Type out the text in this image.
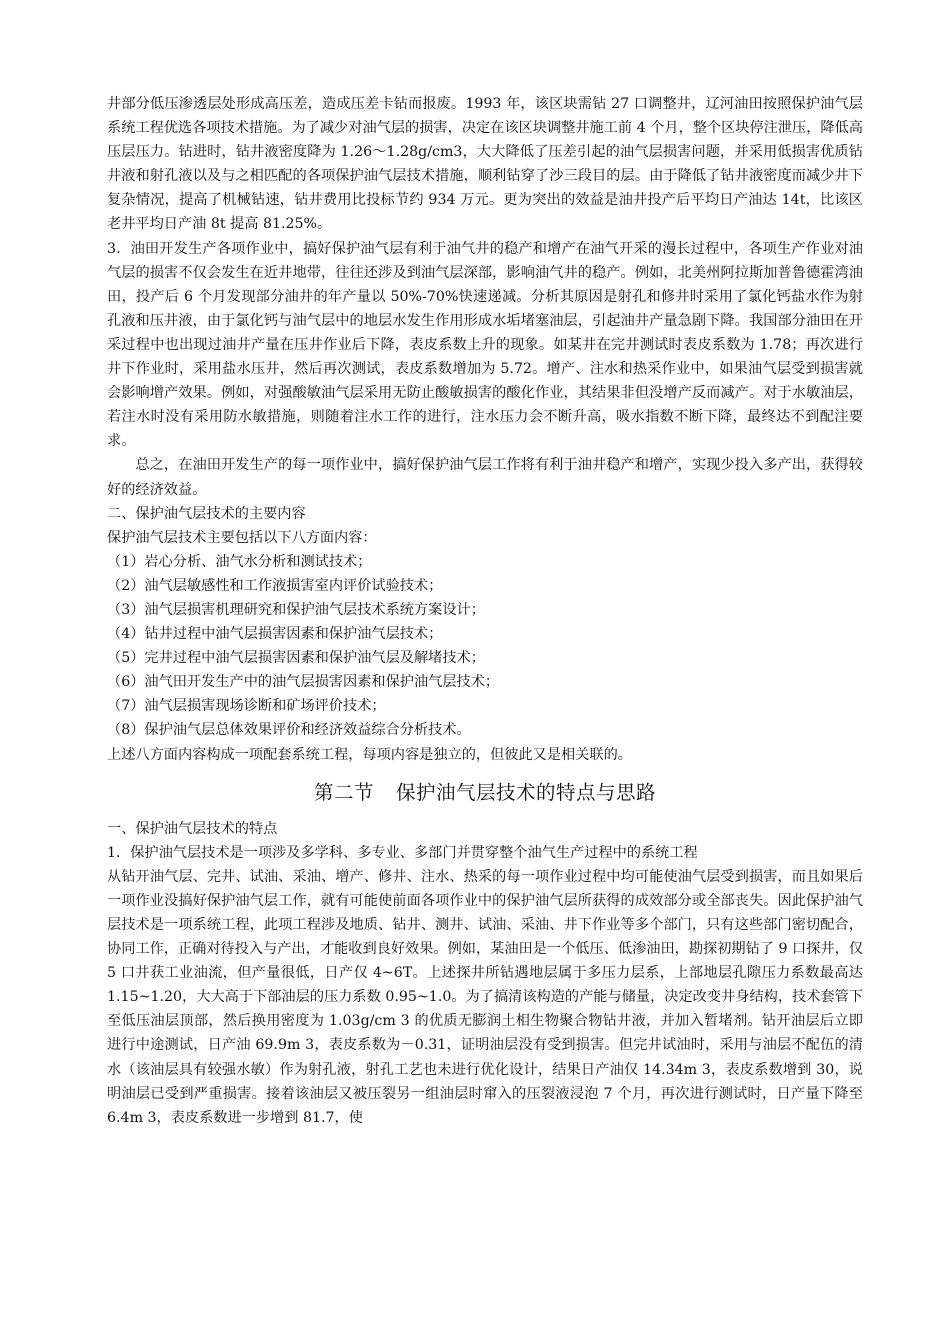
井部分低压渗透层处形成高压差，造成压差卡钻而报废。1993 年，该区块需钻 27 口调整井，辽河油田按照保护油气层系统工程优选各项技术措施。为了减少对油气层的损害，决定在该区块调整井施工前 4 个月，整个区块停注泄压，降低高压层压力。钻进时，钻井液密度降为 1.26～1.28g/cm3，大大降低了压差引起的油气层损害问题，并采用低损害优质钻井液和射孔液以及与之相匹配的各项保护油气层技术措施，顺利钻穿了沙三段目的层。由于降低了钻井液密度而减少井下复杂情况，提高了机械钻速，钻井费用比投标节约 934 万元。更为突出的效益是油井投产后平均日产油达 14t，比该区老井平均日产油 8t 提高 81.25%。

3．油田开发生产各项作业中，搞好保护油气层有利于油气井的稳产和增产在油气开采的漫长过程中，各项生产作业对油气层的损害不仅会发生在近井地带，往往还涉及到油气层深部，影响油气井的稳产。例如，北美州阿拉斯加普鲁德霍湾油田，投产后 6 个月发现部分油井的年产量以 50%-70%快速递减。分析其原因是射孔和修井时采用了氯化钙盐水作为射孔液和压井液，由于氯化钙与油气层中的地层水发生作用形成水垢堵塞油层，引起油井产量急剧下降。我国部分油田在开采过程中也出现过油井产量在压井作业后下降，表皮系数上升的现象。如某井在完井测试时表皮系数为 1.78；再次进行井下作业时，采用盐水压井，然后再次测试，表皮系数增加为 5.72。增产、注水和热采作业中，如果油气层受到损害就会影响增产效果。例如，对强酸敏油气层采用无防止酸敏损害的酸化作业，其结果非但没增产反而减产。对于水敏油层，若注水时没有采用防水敏措施，则随着注水工作的进行，注水压力会不断升高，吸水指数不断下降，最终达不到配注要求。

总之，在油田开发生产的每一项作业中，搞好保护油气层工作将有利于油井稳产和增产，实现少投入多产出，获得较好的经济效益。

二、保护油气层技术的主要内容

保护油气层技术主要包括以下八方面内容：

（1）岩心分析、油气水分析和测试技术；

（2）油气层敏感性和工作液损害室内评价试验技术；

（3）油气层损害机理研究和保护油气层技术系统方案设计；

（4）钻井过程中油气层损害因素和保护油气层技术；

（5）完井过程中油气层损害因素和保护油气层及解堵技术；

（6）油气田开发生产中的油气层损害因素和保护油气层技术；

（7）油气层损害现场诊断和矿场评价技术；

（8）保护油气层总体效果评价和经济效益综合分析技术。

上述八方面内容构成一项配套系统工程，每项内容是独立的，但彼此又是相关联的。

第二节 保护油气层技术的特点与思路

一、保护油气层技术的特点

1．保护油气层技术是一项涉及多学科、多专业、多部门并贯穿整个油气生产过程中的系统工程

从钻开油气层、完井、试油、采油、增产、修井、注水、热采的每一项作业过程中均可能使油气层受到损害，而且如果后一项作业没搞好保护油气层工作，就有可能使前面各项作业中的保护油气层所获得的成效部分或全部丧失。因此保护油气层技术是一项系统工程，此项工程涉及地质、钻井、测井、试油、采油、井下作业等多个部门，只有这些部门密切配合，协同工作，正确对待投入与产出，才能收到良好效果。例如，某油田是一个低压、低渗油田，勘探初期钻了 9 口探井，仅 5 口井获工业油流，但产量很低，日产仅 4~6T。上述探井所钻遇地层属于多压力层系，上部地层孔隙压力系数最高达 1.15~1.20，大大高于下部油层的压力系数 0.95~1.0。为了搞清该构造的产能与储量，决定改变井身结构，技术套管下至低压油层顶部，然后换用密度为 1.03g/cm 3 的优质无膨润土相生物聚合物钻井液，并加入暂堵剂。钻开油层后立即进行中途测试，日产油 69.9m 3，表皮系数为－0.31，证明油层没有受到损害。但完井试油时，采用与油层不配伍的清水（该油层具有较强水敏）作为射孔液，射孔工艺也未进行优化设计，结果日产油仅 14.34m 3，表皮系数增到 30，说明油层已受到严重损害。接着该油层又被压裂另一组油层时窜入的压裂液浸泡 7 个月，再次进行测试时，日产量下降至 6.4m 3，表皮系数进一步增到 81.7，使
